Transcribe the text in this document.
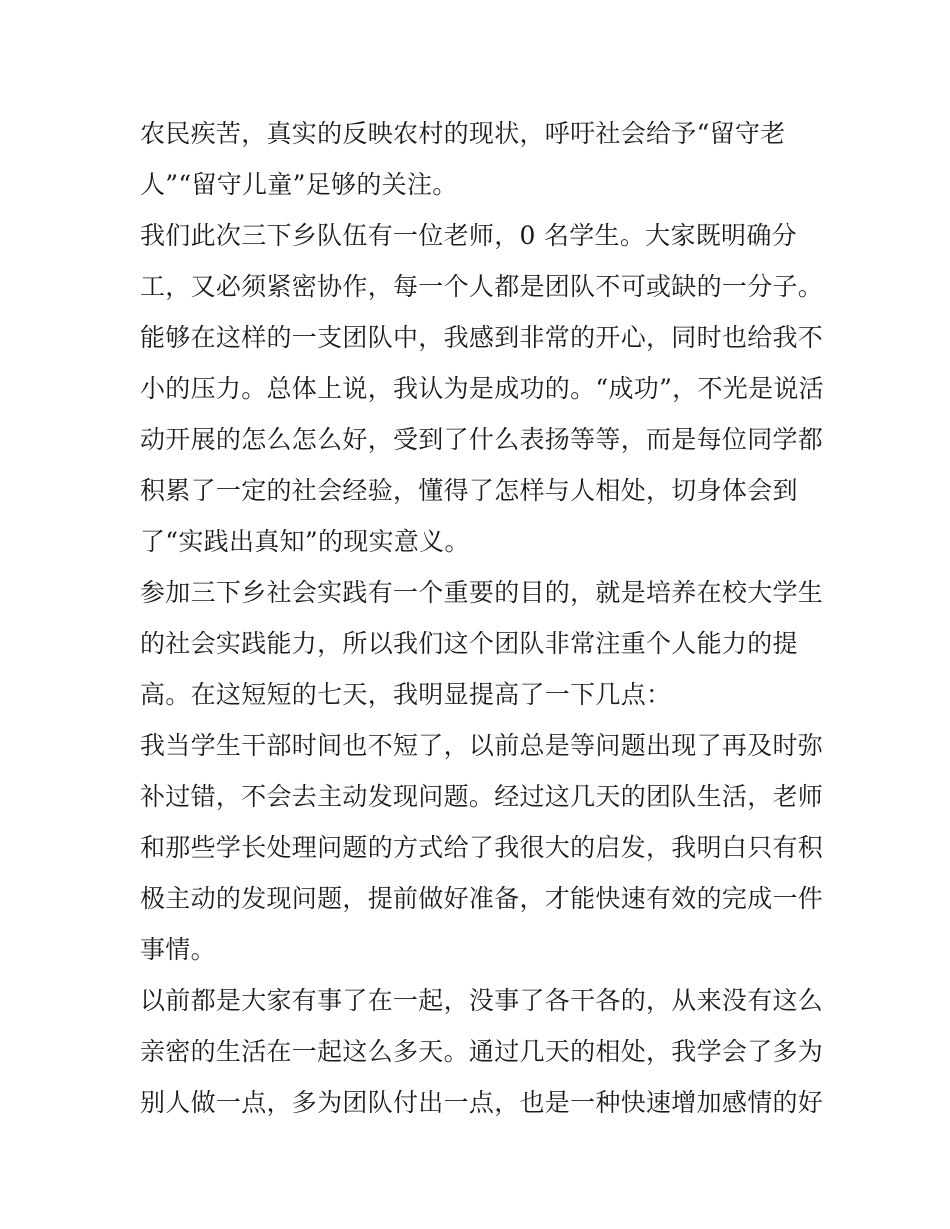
农民疾苦，真实的反映农村的现状，呼吁社会给予“留守老
人”“留守儿童”足够的关注。
我们此次三下乡队伍有一位老师，0 名学生。大家既明确分
工，又必须紧密协作，每一个人都是团队不可或缺的一分子。
能够在这样的一支团队中，我感到非常的开心，同时也给我不
小的压力。总体上说，我认为是成功的。“成功”，不光是说活
动开展的怎么怎么好，受到了什么表扬等等，而是每位同学都
积累了一定的社会经验，懂得了怎样与人相处，切身体会到
了“实践出真知”的现实意义。
参加三下乡社会实践有一个重要的目的，就是培养在校大学生
的社会实践能力，所以我们这个团队非常注重个人能力的提
高。在这短短的七天，我明显提高了一下几点：
我当学生干部时间也不短了，以前总是等问题出现了再及时弥
补过错，不会去主动发现问题。经过这几天的团队生活，老师
和那些学长处理问题的方式给了我很大的启发，我明白只有积
极主动的发现问题，提前做好准备，才能快速有效的完成一件
事情。
以前都是大家有事了在一起，没事了各干各的，从来没有这么
亲密的生活在一起这么多天。通过几天的相处，我学会了多为
别人做一点，多为团队付出一点，也是一种快速增加感情的好
